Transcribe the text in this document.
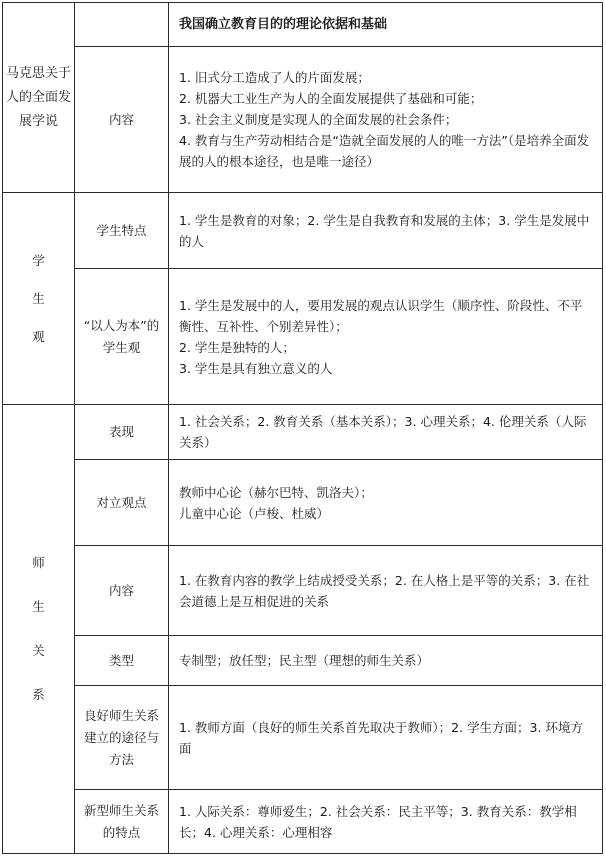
马克思关于人的全面发展学说		我国确立教育目的的理论依据和基础
	内容	1. 旧式分工造成了人的片面发展；
2. 机器大工业生产为人的全面发展提供了基础和可能；
3. 社会主义制度是实现人的全面发展的社会条件；
4. 教育与生产劳动相结合是“造就全面发展的人的唯一方法”（是培养全面发展的人的根本途径，也是唯一途径）

学生观	学生特点	1. 学生是教育的对象；2. 学生是自我教育和发展的主体；3. 学生是发展中的人

	“以人为本”的学生观	1. 学生是发展中的人，要用发展的观点认识学生（顺序性、阶段性、不平衡性、互补性、个别差异性）；
2. 学生是独特的人；
3. 学生是具有独立意义的人

师生关系	表现	1. 社会关系；2. 教育关系（基本关系）；3. 心理关系；4. 伦理关系（人际关系）

	对立观点	教师中心论（赫尔巴特、凯洛夫）；
儿童中心论（卢梭、杜威）

	内容	1. 在教育内容的教学上结成授受关系；2. 在人格上是平等的关系；3. 在社会道德上是互相促进的关系

	类型	专制型；放任型；民主型（理想的师生关系）

	良好师生关系建立的途径与方法	1. 教师方面（良好的师生关系首先取决于教师）；2. 学生方面；3. 环境方面

	新型师生关系的特点	1. 人际关系：尊师爱生；2. 社会关系：民主平等；3. 教育关系：教学相长；4. 心理关系：心理相容
